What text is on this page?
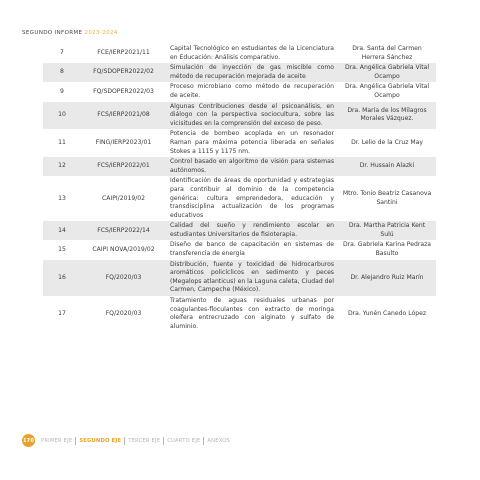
SEGUNDO INFORME 2023-2024
7	FCE/IERP2021/11	Capital Tecnológico en estudiantes de la Licenciatura en Educación: Análisis comparativo.	Dra. Santa del Carmen Herrera Sánchez
8	FQ/SDOPER2022/02	Simulación de inyección de gas miscible como método de recuperación mejorada de aceite	Dra. Angélica Gabriela Vital Ocampo
9	FQ/SDOPER2022/03	Proceso microbiano como método de recuperación de aceite.	Dra. Angélica Gabriela Vital Ocampo
10	FCS/IERP2021/08	Algunas Contribuciones desde el psicoanálisis, en diálogo con la perspectiva sociocultura, sobre las vicisitudes en la comprensión del exceso de peso.	Dra. María de los Milagros Morales Vázquez.
11	FING/IERP2023/01	Potencia de bombeo acoplada en un resonador Raman para máxima potencia liberada en señales Stokes a 1115 y 1175 nm.	Dr. Lelio de la Cruz May
12	FCS/IERP2022/01	Control basado en algoritmo de visión para sistemas autónomos.	Dr. Hussain Alazki
13	CAIPI/2019/02	Identificación de áreas de oportunidad y estrategias para contribuir al dominio de la competencia genérica: cultura emprendedora, educación y transdisciplina actualización de los programas educativos	Mtro. Tonio Beatriz Casanova Santini
14	FCS/IERP2022/14	Calidad del sueño y rendimiento escolar en estudiantes Universitarios de fisioterapia.	Dra. Martha Patricia Kent Sulú
15	CAIPI NOVA/2019/02	Diseño de banco de capacitación en sistemas de transferencia de energía	Dra. Gabriela Karina Pedraza Basulto
16	FQ/2020/03	Distribución, fuente y toxicidad de hidrocarburos aromáticos policíclicos en sedimento y peces (Megalops atlanticus) en la Laguna caleta, Ciudad del Carmen, Campeche (México).	Dr. Alejandro Ruiz Marín
17	FQ/2020/03	Tratamiento de aguas residuales urbanas por coagulantes-floculantes con extracto de moringa oleífera entrecruzado con alginato y sulfato de aluminio.	Dra. Yunén Canedo López
170 PRIMER EJE SEGUNDO EJE TERCER EJE CUARTO EJE ANEXOS
